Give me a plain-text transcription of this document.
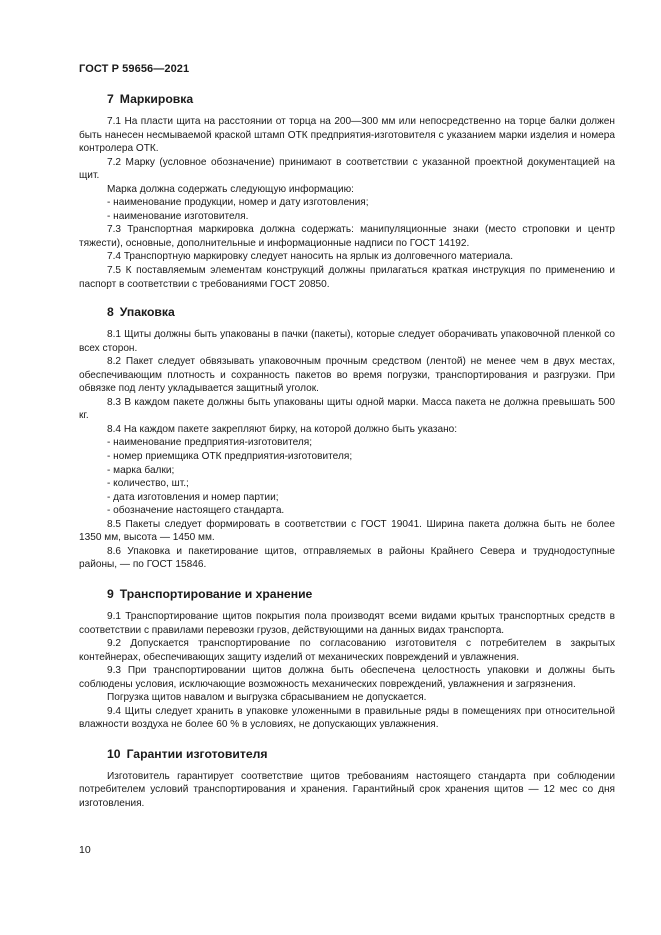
ГОСТ Р 59656—2021
7 Маркировка

7.1 На пласти щита на расстоянии от торца на 200—300 мм или непосредственно на торце балки должен быть нанесен несмываемой краской штамп ОТК предприятия-изготовителя с указанием марки изделия и номера контролера ОТК.

7.2 Марку (условное обозначение) принимают в соответствии с указанной проектной документацией на щит.

Марка должна содержать следующую информацию:

- наименование продукции, номер и дату изготовления;

- наименование изготовителя.

7.3 Транспортная маркировка должна содержать: манипуляционные знаки (место строповки и центр тяжести), основные, дополнительные и информационные надписи по ГОСТ 14192.

7.4 Транспортную маркировку следует наносить на ярлык из долговечного материала.

7.5 К поставляемым элементам конструкций должны прилагаться краткая инструкция по применению и паспорт в соответствии с требованиями ГОСТ 20850.

8 Упаковка

8.1 Щиты должны быть упакованы в пачки (пакеты), которые следует оборачивать упаковочной пленкой со всех сторон.

8.2 Пакет следует обвязывать упаковочным прочным средством (лентой) не менее чем в двух местах, обеспечивающим плотность и сохранность пакетов во время погрузки, транспортирования и разгрузки. При обвязке под ленту укладывается защитный уголок.

8.3 В каждом пакете должны быть упакованы щиты одной марки. Масса пакета не должна превышать 500 кг.

8.4 На каждом пакете закрепляют бирку, на которой должно быть указано:

- наименование предприятия-изготовителя;

- номер приемщика ОТК предприятия-изготовителя;

- марка балки;

- количество, шт.;

- дата изготовления и номер партии;

- обозначение настоящего стандарта.

8.5 Пакеты следует формировать в соответствии с ГОСТ 19041. Ширина пакета должна быть не более 1350 мм, высота — 1450 мм.

8.6 Упаковка и пакетирование щитов, отправляемых в районы Крайнего Севера и труднодоступные районы, — по ГОСТ 15846.

9 Транспортирование и хранение

9.1 Транспортирование щитов покрытия пола производят всеми видами крытых транспортных средств в соответствии с правилами перевозки грузов, действующими на данных видах транспорта.

9.2 Допускается транспортирование по согласованию изготовителя с потребителем в закрытых контейнерах, обеспечивающих защиту изделий от механических повреждений и увлажнения.

9.3 При транспортировании щитов должна быть обеспечена целостность упаковки и должны быть соблюдены условия, исключающие возможность механических повреждений, увлажнения и загрязнения.

Погрузка щитов навалом и выгрузка сбрасыванием не допускается.

9.4 Щиты следует хранить в упаковке уложенными в правильные ряды в помещениях при относительной влажности воздуха не более 60 % в условиях, не допускающих увлажнения.

10 Гарантии изготовителя

Изготовитель гарантирует соответствие щитов требованиям настоящего стандарта при соблюдении потребителем условий транспортирования и хранения. Гарантийный срок хранения щитов — 12 мес со дня изготовления.

10
